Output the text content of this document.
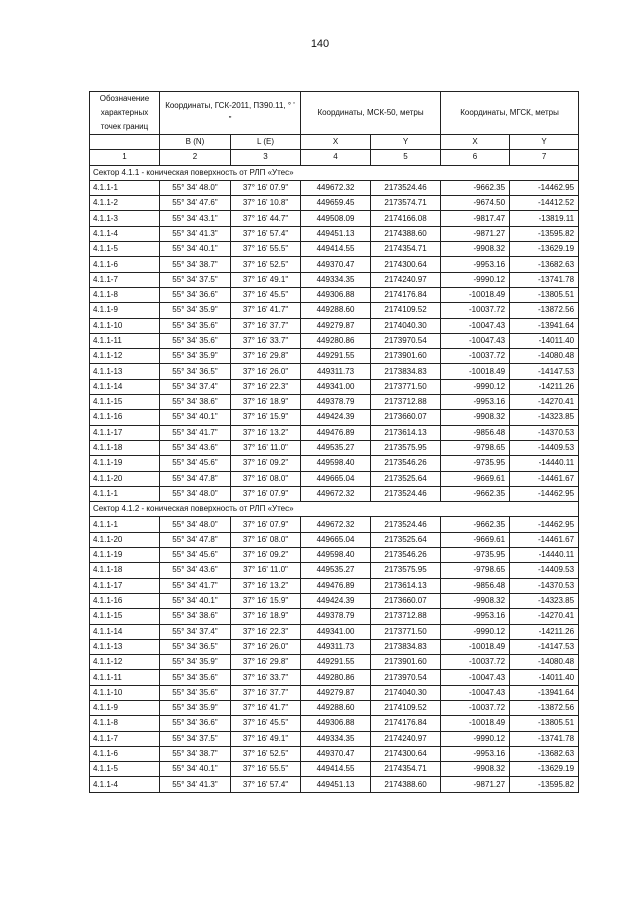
140
Обозначение характерных точек границ	Координаты, ГСК-2011, ПЗ90.11, ° ' "		Координаты, МСК-50, метры		Координаты, МГСК, метры	
	B (N)	L (E)	X	Y	X	Y
1	2	3	4	5	6	7
Сектор 4.1.1 - коническая поверхность от РЛП «Утес»						
4.1.1-1	55° 34' 48.0"	37° 16' 07.9"	449672.32	2173524.46	-9662.35	-14462.95
4.1.1-2	55° 34' 47.6"	37° 16' 10.8"	449659.45	2173574.71	-9674.50	-14412.52
4.1.1-3	55° 34' 43.1"	37° 16' 44.7"	449508.09	2174166.08	-9817.47	-13819.11
4.1.1-4	55° 34' 41.3"	37° 16' 57.4"	449451.13	2174388.60	-9871.27	-13595.82
4.1.1-5	55° 34' 40.1"	37° 16' 55.5"	449414.55	2174354.71	-9908.32	-13629.19
4.1.1-6	55° 34' 38.7"	37° 16' 52.5"	449370.47	2174300.64	-9953.16	-13682.63
4.1.1-7	55° 34' 37.5"	37° 16' 49.1"	449334.35	2174240.97	-9990.12	-13741.78
4.1.1-8	55° 34' 36.6"	37° 16' 45.5"	449306.88	2174176.84	-10018.49	-13805.51
4.1.1-9	55° 34' 35.9"	37° 16' 41.7"	449288.60	2174109.52	-10037.72	-13872.56
4.1.1-10	55° 34' 35.6"	37° 16' 37.7"	449279.87	2174040.30	-10047.43	-13941.64
4.1.1-11	55° 34' 35.6"	37° 16' 33.7"	449280.86	2173970.54	-10047.43	-14011.40
4.1.1-12	55° 34' 35.9"	37° 16' 29.8"	449291.55	2173901.60	-10037.72	-14080.48
4.1.1-13	55° 34' 36.5"	37° 16' 26.0"	449311.73	2173834.83	-10018.49	-14147.53
4.1.1-14	55° 34' 37.4"	37° 16' 22.3"	449341.00	2173771.50	-9990.12	-14211.26
4.1.1-15	55° 34' 38.6"	37° 16' 18.9"	449378.79	2173712.88	-9953.16	-14270.41
4.1.1-16	55° 34' 40.1"	37° 16' 15.9"	449424.39	2173660.07	-9908.32	-14323.85
4.1.1-17	55° 34' 41.7"	37° 16' 13.2"	449476.89	2173614.13	-9856.48	-14370.53
4.1.1-18	55° 34' 43.6"	37° 16' 11.0"	449535.27	2173575.95	-9798.65	-14409.53
4.1.1-19	55° 34' 45.6"	37° 16' 09.2"	449598.40	2173546.26	-9735.95	-14440.11
4.1.1-20	55° 34' 47.8"	37° 16' 08.0"	449665.04	2173525.64	-9669.61	-14461.67
4.1.1-1	55° 34' 48.0"	37° 16' 07.9"	449672.32	2173524.46	-9662.35	-14462.95
Сектор 4.1.2 - коническая поверхность от РЛП «Утес»						
4.1.1-1	55° 34' 48.0"	37° 16' 07.9"	449672.32	2173524.46	-9662.35	-14462.95
4.1.1-20	55° 34' 47.8"	37° 16' 08.0"	449665.04	2173525.64	-9669.61	-14461.67
4.1.1-19	55° 34' 45.6"	37° 16' 09.2"	449598.40	2173546.26	-9735.95	-14440.11
4.1.1-18	55° 34' 43.6"	37° 16' 11.0"	449535.27	2173575.95	-9798.65	-14409.53
4.1.1-17	55° 34' 41.7"	37° 16' 13.2"	449476.89	2173614.13	-9856.48	-14370.53
4.1.1-16	55° 34' 40.1"	37° 16' 15.9"	449424.39	2173660.07	-9908.32	-14323.85
4.1.1-15	55° 34' 38.6"	37° 16' 18.9"	449378.79	2173712.88	-9953.16	-14270.41
4.1.1-14	55° 34' 37.4"	37° 16' 22.3"	449341.00	2173771.50	-9990.12	-14211.26
4.1.1-13	55° 34' 36.5"	37° 16' 26.0"	449311.73	2173834.83	-10018.49	-14147.53
4.1.1-12	55° 34' 35.9"	37° 16' 29.8"	449291.55	2173901.60	-10037.72	-14080.48
4.1.1-11	55° 34' 35.6"	37° 16' 33.7"	449280.86	2173970.54	-10047.43	-14011.40
4.1.1-10	55° 34' 35.6"	37° 16' 37.7"	449279.87	2174040.30	-10047.43	-13941.64
4.1.1-9	55° 34' 35.9"	37° 16' 41.7"	449288.60	2174109.52	-10037.72	-13872.56
4.1.1-8	55° 34' 36.6"	37° 16' 45.5"	449306.88	2174176.84	-10018.49	-13805.51
4.1.1-7	55° 34' 37.5"	37° 16' 49.1"	449334.35	2174240.97	-9990.12	-13741.78
4.1.1-6	55° 34' 38.7"	37° 16' 52.5"	449370.47	2174300.64	-9953.16	-13682.63
4.1.1-5	55° 34' 40.1"	37° 16' 55.5"	449414.55	2174354.71	-9908.32	-13629.19
4.1.1-4	55° 34' 41.3"	37° 16' 57.4"	449451.13	2174388.60	-9871.27	-13595.82
